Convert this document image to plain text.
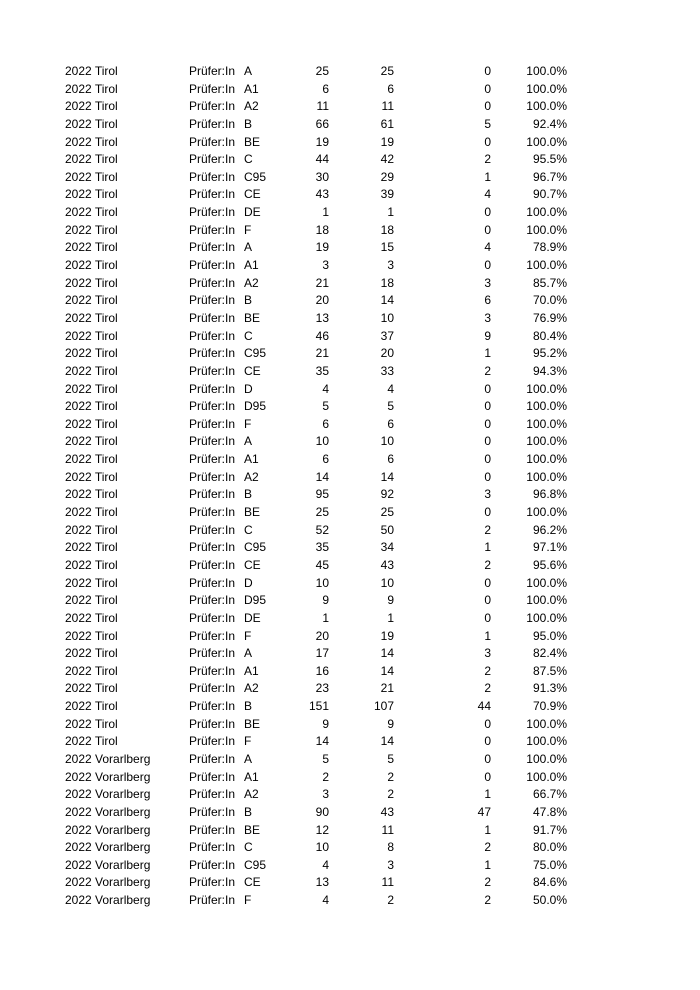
2022 Tirol	Prüfer:In A	25	25	0	100.0%
2022 Tirol	Prüfer:In A1	6	6	0	100.0%
2022 Tirol	Prüfer:In A2	11	11	0	100.0%
2022 Tirol	Prüfer:In B	66	61	5	92.4%
2022 Tirol	Prüfer:In BE	19	19	0	100.0%
2022 Tirol	Prüfer:In C	44	42	2	95.5%
2022 Tirol	Prüfer:In C95	30	29	1	96.7%
2022 Tirol	Prüfer:In CE	43	39	4	90.7%
2022 Tirol	Prüfer:In DE	1	1	0	100.0%
2022 Tirol	Prüfer:In F	18	18	0	100.0%
2022 Tirol	Prüfer:In A	19	15	4	78.9%
2022 Tirol	Prüfer:In A1	3	3	0	100.0%
2022 Tirol	Prüfer:In A2	21	18	3	85.7%
2022 Tirol	Prüfer:In B	20	14	6	70.0%
2022 Tirol	Prüfer:In BE	13	10	3	76.9%
2022 Tirol	Prüfer:In C	46	37	9	80.4%
2022 Tirol	Prüfer:In C95	21	20	1	95.2%
2022 Tirol	Prüfer:In CE	35	33	2	94.3%
2022 Tirol	Prüfer:In D	4	4	0	100.0%
2022 Tirol	Prüfer:In D95	5	5	0	100.0%
2022 Tirol	Prüfer:In F	6	6	0	100.0%
2022 Tirol	Prüfer:In A	10	10	0	100.0%
2022 Tirol	Prüfer:In A1	6	6	0	100.0%
2022 Tirol	Prüfer:In A2	14	14	0	100.0%
2022 Tirol	Prüfer:In B	95	92	3	96.8%
2022 Tirol	Prüfer:In BE	25	25	0	100.0%
2022 Tirol	Prüfer:In C	52	50	2	96.2%
2022 Tirol	Prüfer:In C95	35	34	1	97.1%
2022 Tirol	Prüfer:In CE	45	43	2	95.6%
2022 Tirol	Prüfer:In D	10	10	0	100.0%
2022 Tirol	Prüfer:In D95	9	9	0	100.0%
2022 Tirol	Prüfer:In DE	1	1	0	100.0%
2022 Tirol	Prüfer:In F	20	19	1	95.0%
2022 Tirol	Prüfer:In A	17	14	3	82.4%
2022 Tirol	Prüfer:In A1	16	14	2	87.5%
2022 Tirol	Prüfer:In A2	23	21	2	91.3%
2022 Tirol	Prüfer:In B	151	107	44	70.9%
2022 Tirol	Prüfer:In BE	9	9	0	100.0%
2022 Tirol	Prüfer:In F	14	14	0	100.0%
2022 Vorarlberg	Prüfer:In A	5	5	0	100.0%
2022 Vorarlberg	Prüfer:In A1	2	2	0	100.0%
2022 Vorarlberg	Prüfer:In A2	3	2	1	66.7%
2022 Vorarlberg	Prüfer:In B	90	43	47	47.8%
2022 Vorarlberg	Prüfer:In BE	12	11	1	91.7%
2022 Vorarlberg	Prüfer:In C	10	8	2	80.0%
2022 Vorarlberg	Prüfer:In C95	4	3	1	75.0%
2022 Vorarlberg	Prüfer:In CE	13	11	2	84.6%
2022 Vorarlberg	Prüfer:In F	4	2	2	50.0%
